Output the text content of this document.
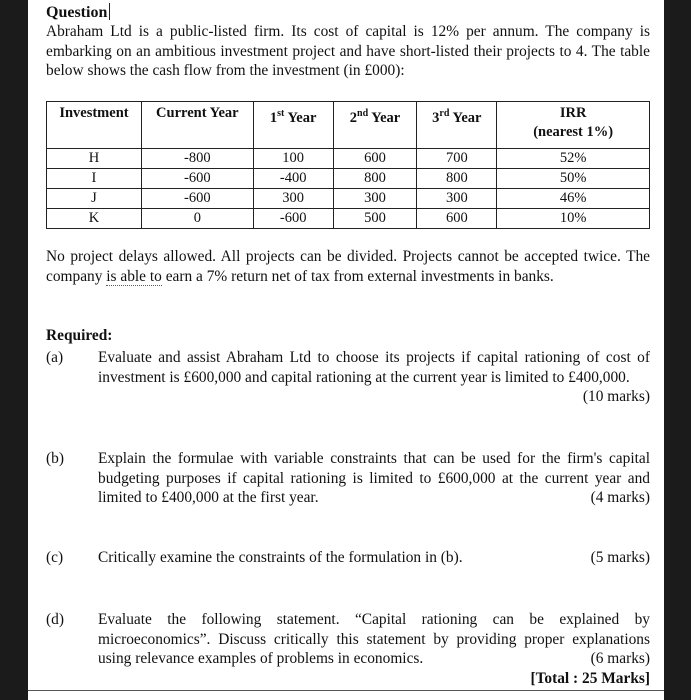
Question
Abraham Ltd is a public-listed firm. Its cost of capital is 12% per annum. The company is embarking on an ambitious investment project and have short-listed their projects to 4. The table below shows the cash flow from the investment (in £000):
Investment	Current Year	1st Year	2nd Year	3rd Year	IRR
(nearest 1%)
H	-800	100	600	700	52%
I	-600	-400	800	800	50%
J	-600	300	300	300	46%
K	0	-600	500	600	10%
No project delays allowed. All projects can be divided. Projects cannot be accepted twice. The company is able to earn a 7% return net of tax from external investments in banks.
Required:
(a) Evaluate and assist Abraham Ltd to choose its projects if capital rationing of cost of investment is £600,000 and capital rationing at the current year is limited to £400,000.
(10 marks)
(b) Explain the formulae with variable constraints that can be used for the firm's capital budgeting purposes if capital rationing is limited to £600,000 at the current year and limited to £400,000 at the first year.	(4 marks)
(c) Critically examine the constraints of the formulation in (b).	(5 marks)
(d) Evaluate the following statement. “Capital rationing can be explained by microeconomics”. Discuss critically this statement by providing proper explanations using relevance examples of problems in economics.	(6 marks)
[Total : 25 Marks]
